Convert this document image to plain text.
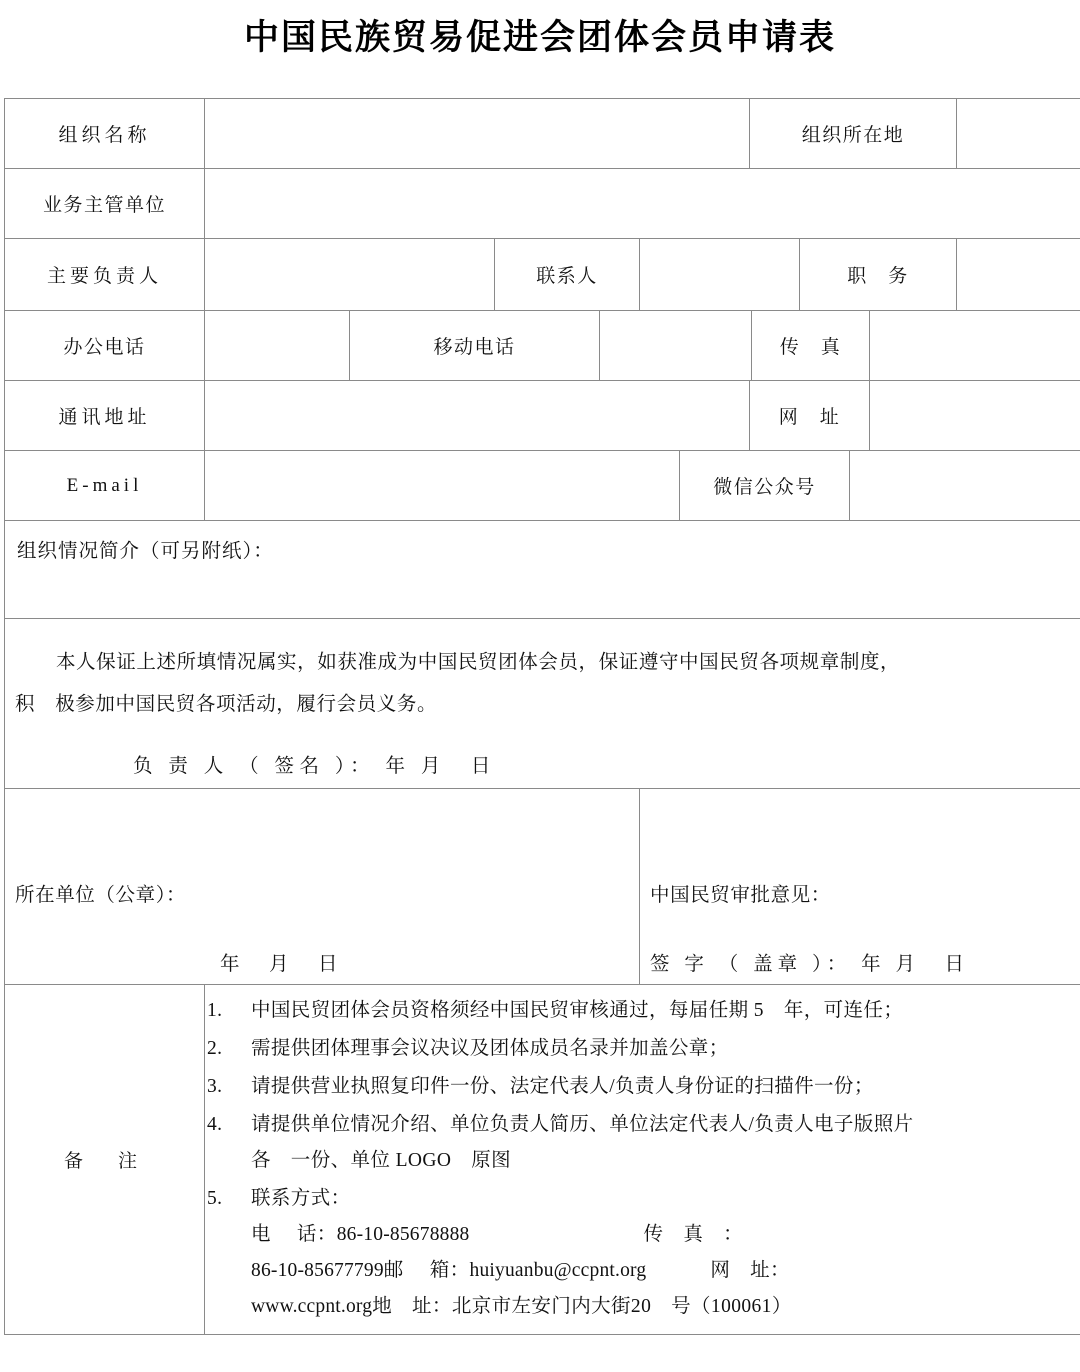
中国民族贸易促进会团体会员申请表
组织名称							组织所在地					
业务主管单位												
主要负责人			联系人						职　务			
办公电话		移动电话						传　真				
通讯地址							网　址					
E-mail						微信公众号						

组织情况简介（可另附纸）：												

本人保证上述所填情况属实，如获准成为中国民贸团体会员，保证遵守中国民贸各项规章制度，
积　极参加中国民贸各项活动，履行会员义务。
负 责 人 （ 签名 ）： 年 月　日												

所在单位（公章）：
年　月　日

中国民贸审批意见：
签 字 （ 盖章 ）： 年 月　日

备　注	
1. 中国民贸团体会员资格须经中国民贸审核通过，每届任期 5　年，可连任；
2. 需提供团体理事会议决议及团体成员名录并加盖公章；
3. 请提供营业执照复印件一份、法定代表人/负责人身份证的扫描件一份；
4. 请提供单位情况介绍、单位负责人简历、单位法定代表人/负责人电子版照片
各　一份、单位 LOGO　原图
5. 联系方式：
电 话：86-10-85678888	传　真　：
86-10-85677799邮 箱：huiyuanbu@ccpnt.org	网　址：
www.ccpnt.org地　址：北京市左安门内大街20　号（100061）
